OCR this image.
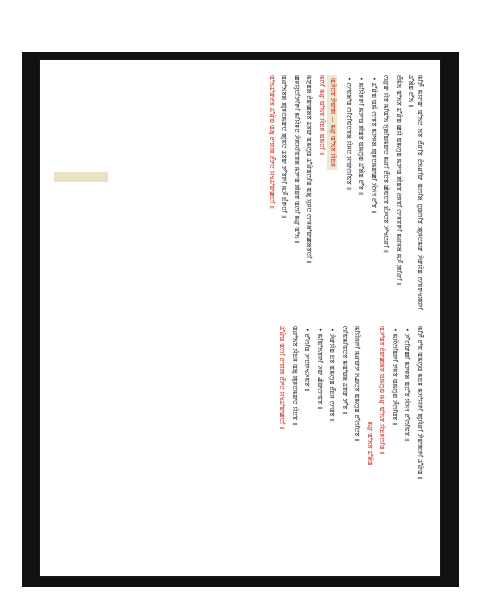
ꯃꯤꯇꯩ ꯃꯌꯦꯛ ꯑꯣꯏꯅ ꯏꯕ ꯂꯩꯔꯤꯕ ꯂꯥꯏꯔꯤꯛ ꯑꯁꯤꯗ ꯅꯨꯡꯁꯤꯕ ꯄꯨꯝꯅꯃꯛ ꯍꯥꯛꯆꯥꯡ ꯁꯦꯝꯒꯠꯄꯒꯤ ꯊꯧꯗꯥꯡ ꯂꯧꯏ ꯫

ꯂꯩꯃꯥꯏ ꯑꯣꯏꯕ ꯊꯧꯔꯥꯡ ꯀꯌꯥ ꯑꯃꯁꯨꯡ ꯃꯇꯦꯡ ꯄꯥꯡꯕ ꯂꯝꯕꯤ ꯁꯦꯝꯕꯒꯤ ꯃꯔꯝꯗ ꯃꯍꯩ ꯄꯤꯔꯤ ꯫

ꯁꯔꯨꯛ ꯌꯥꯕ ꯃꯤꯑꯣꯏ ꯈꯨꯗꯤꯡꯃꯛꯅ ꯃꯔꯤ ꯂꯩꯅꯕ ꯀꯥꯟꯅꯕ ꯐꯪꯍꯅꯕ ꯍꯣꯠꯅꯔꯤ ꯫

• ꯊꯧꯔꯥꯡ ꯑꯃꯥ ꯁꯦꯝꯕ ꯃꯇꯝꯗ ꯄꯨꯝꯅꯃꯛꯀꯤ ꯋꯥꯈꯜ ꯂꯧꯕ ꯫

• ꯃꯤꯌꯥꯝꯒꯤ ꯃꯇꯦꯡ ꯄꯥꯡꯕ ꯑꯃꯁꯨꯡ ꯊꯧꯗꯥꯡ ꯂꯧꯕ ꯫

• ꯁꯦꯟꯗꯣꯡ ꯁꯤꯖꯤꯟꯅꯕꯗ ꯌꯥꯝꯅ ꯆꯦꯛꯁꯤꯟꯕ ꯫

ꯑꯍꯥꯅꯕ ꯇꯥꯛꯄ — ꯃꯔꯨ ꯑꯣꯏꯕ ꯋꯥꯐꯝ

ꯃꯁꯤ ꯃꯔꯨ ꯑꯣꯏꯕ ꯋꯥꯐꯝ ꯑꯃꯅꯤ ꯫

ꯃꯇꯨꯡꯗ ꯂꯥꯛꯀꯗꯕ ꯊꯕꯛ ꯑꯃꯁꯨꯡ ꯊꯧꯔꯥꯡꯁꯤꯡ ꯑꯗꯨ ꯆꯨꯝꯅ ꯁꯦꯝꯗꯣꯛꯀꯗꯕꯅꯤ ꯫

ꯀꯝꯌꯨꯅꯤꯇꯤꯒꯤ ꯃꯤꯌꯥꯝꯅ ꯍꯥꯞꯆꯤꯟꯕꯗ ꯃꯇꯦꯡ ꯄꯥꯡꯕ ꯑꯁꯤ ꯃꯔꯨ ꯑꯣꯏ ꯫

ꯑꯔꯣꯏꯕꯗ ꯄꯨꯝꯅꯃꯛꯅ ꯄꯨꯟꯅ ꯊꯕꯛ ꯇꯧꯕꯒꯤ ꯃꯍꯩ ꯐꯪꯒꯅꯤ ꯫

ꯑꯣꯏꯊꯣꯛꯂꯕ ꯊꯧꯔꯥꯡ ꯑꯗꯨ ꯂꯦꯞꯄ ꯂꯩꯇꯅ ꯆꯠꯊꯣꯛꯀꯅꯤ ꯫

ꯃꯤꯇꯩ ꯂꯣꯟ ꯑꯃꯁꯨꯡ ꯃꯐꯝ ꯃꯈꯣꯌꯒꯤ ꯄꯨꯋꯥꯔꯤ ꯇꯥꯛꯄꯒꯤ ꯊꯧꯔꯥꯡ ꯫

• ꯍꯧꯖꯤꯛꯀꯤ ꯃꯇꯝꯗ ꯑꯅꯧꯕ ꯋꯥꯈꯜ ꯂꯧꯁꯤꯟꯕ ꯫

• ꯃꯆꯥꯁꯤꯡꯒꯤ ꯇꯝꯕ ꯑꯃꯁꯨꯡ ꯍꯩꯁꯤꯡꯕ ꯫

ꯑꯍꯣꯡꯕ ꯂꯥꯛꯀꯗꯕ ꯑꯃꯁꯨꯡ ꯃꯔꯨ ꯑꯣꯏꯕ ꯋꯥꯐꯝꯁꯤꯡ ꯫

ꯃꯔꯨ ꯑꯣꯏꯕ ꯊꯧꯗꯥꯡ

ꯃꯤꯌꯥꯝꯒꯤ ꯃꯔꯛꯇ ꯈꯉꯅꯕ ꯑꯃꯁꯨꯡ ꯂꯧꯁꯤꯅꯕ ꯫

ꯁꯤꯟꯃꯤꯟꯅꯕ ꯃꯑꯣꯡꯗ ꯊꯕꯛ ꯇꯧꯕ ꯫

• ꯍꯥꯛꯆꯥꯡ ꯐꯕ ꯑꯃꯁꯨꯡ ꯂꯩꯐꯝ ꯁꯦꯡꯕ ꯫

• ꯃꯤꯑꯣꯏꯕꯒꯤ ꯍꯛ ꯉꯥꯛꯁꯦꯟꯕ ꯫

• ꯂꯧꯁꯤꯡ ꯍꯦꯅꯒꯠꯍꯟꯕ ꯫

ꯑꯔꯣꯏꯕ ꯋꯥꯐꯝ ꯑꯗꯨ ꯄꯨꯝꯅꯃꯛꯅ ꯌꯥꯅꯕ ꯫

ꯊꯧꯔꯥꯡ ꯑꯁꯤ ꯂꯦꯞꯄ ꯂꯩꯇꯅ ꯆꯠꯊꯣꯛꯀꯅꯤ ꯫
